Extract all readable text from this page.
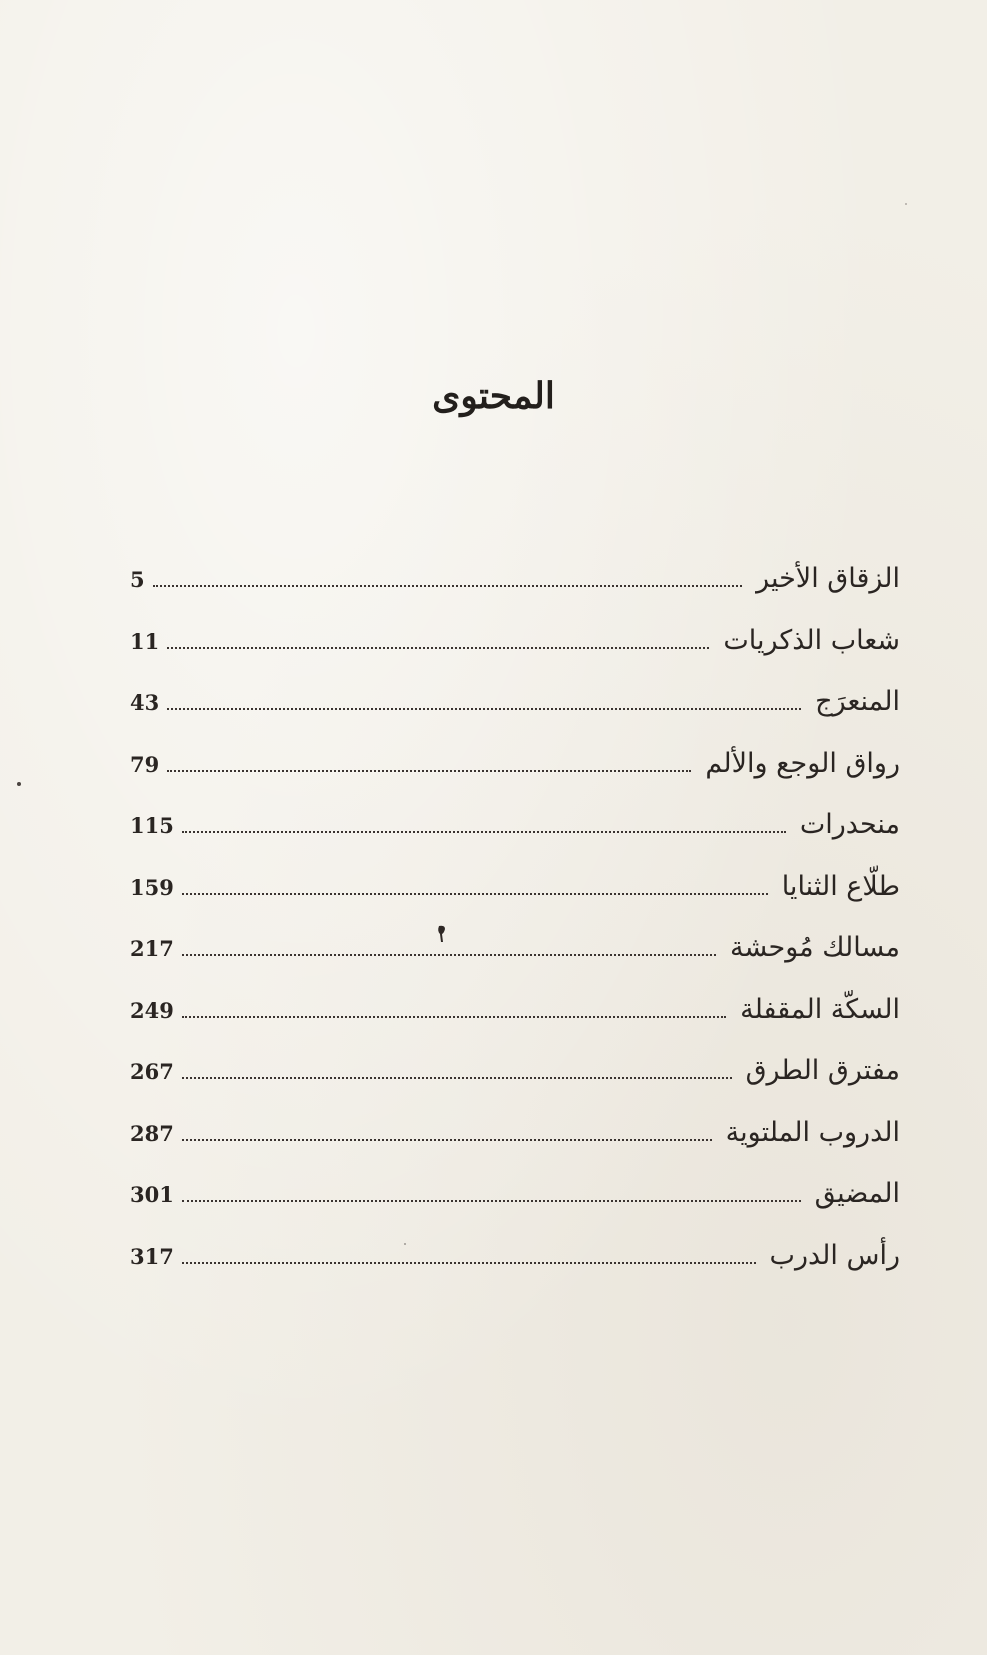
المحتوى
الزقاق الأخير
5
شعاب الذكريات
11
المنعرَج
43
رواق الوجع والألم
79
منحدرات
115
طلّاع الثنايا
159
مسالك مُوحشة
217
السكّة المقفلة
249
مفترق الطرق
267
الدروب الملتوية
287
المضيق
301
رأس الدرب
317
